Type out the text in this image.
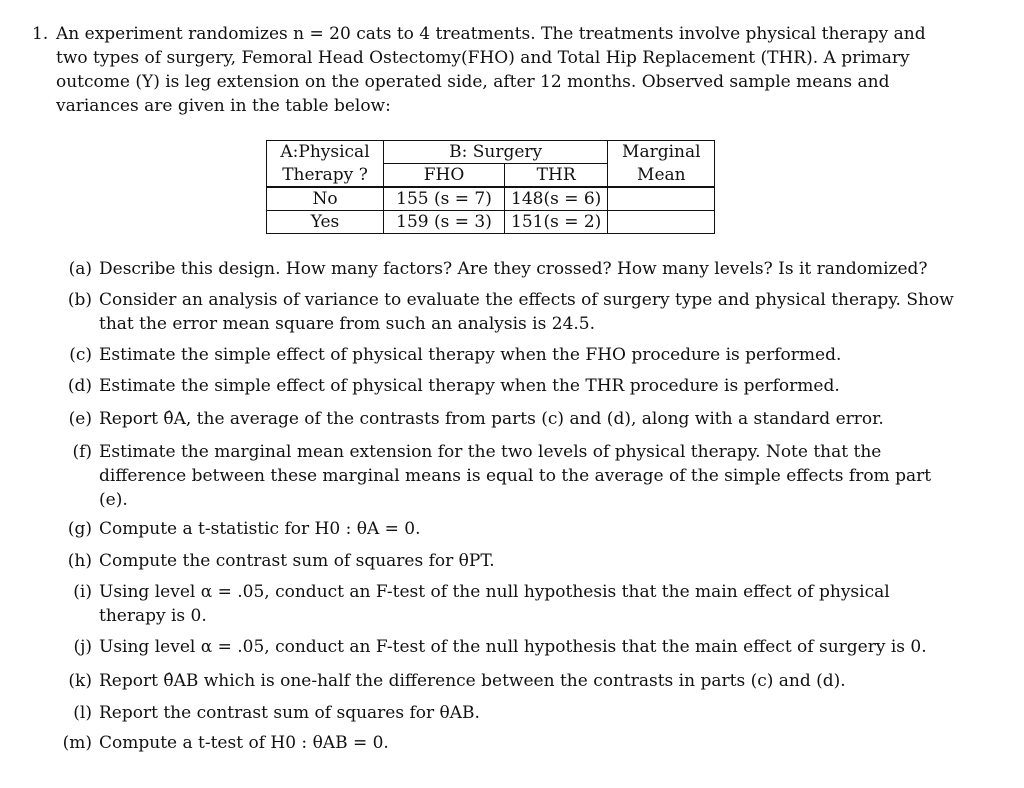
1. An experiment randomizes n = 20 cats to 4 treatments. The treatments involve physical therapy and
two types of surgery, Femoral Head Ostectomy(FHO) and Total Hip Replacement (THR). A primary
outcome (Y) is leg extension on the operated side, after 12 months. Observed sample means and
variances are given in the table below:
A:Physical	B: Surgery		Marginal
Therapy ?	FHO	THR	Mean
No	155 (s = 7)	148(s = 6)	
Yes	159 (s = 3)	151(s = 2)	
(a) Describe this design. How many factors? Are they crossed? How many levels? Is it randomized?
(b) Consider an analysis of variance to evaluate the effects of surgery type and physical therapy. Show
that the error mean square from such an analysis is 24.5.
(c) Estimate the simple effect of physical therapy when the FHO procedure is performed.
(d) Estimate the simple effect of physical therapy when the THR procedure is performed.
(e) Report θ̂A, the average of the contrasts from parts (c) and (d), along with a standard error.
(f) Estimate the marginal mean extension for the two levels of physical therapy. Note that the
difference between these marginal means is equal to the average of the simple effects from part
(e).
(g) Compute a t-statistic for H0 : θA = 0.
(h) Compute the contrast sum of squares for θPT.
(i) Using level α = .05, conduct an F-test of the null hypothesis that the main effect of physical
therapy is 0.
(j) Using level α = .05, conduct an F-test of the null hypothesis that the main effect of surgery is 0.
(k) Report θ̂AB which is one-half the difference between the contrasts in parts (c) and (d).
(l) Report the contrast sum of squares for θAB.
(m) Compute a t-test of H0 : θAB = 0.
